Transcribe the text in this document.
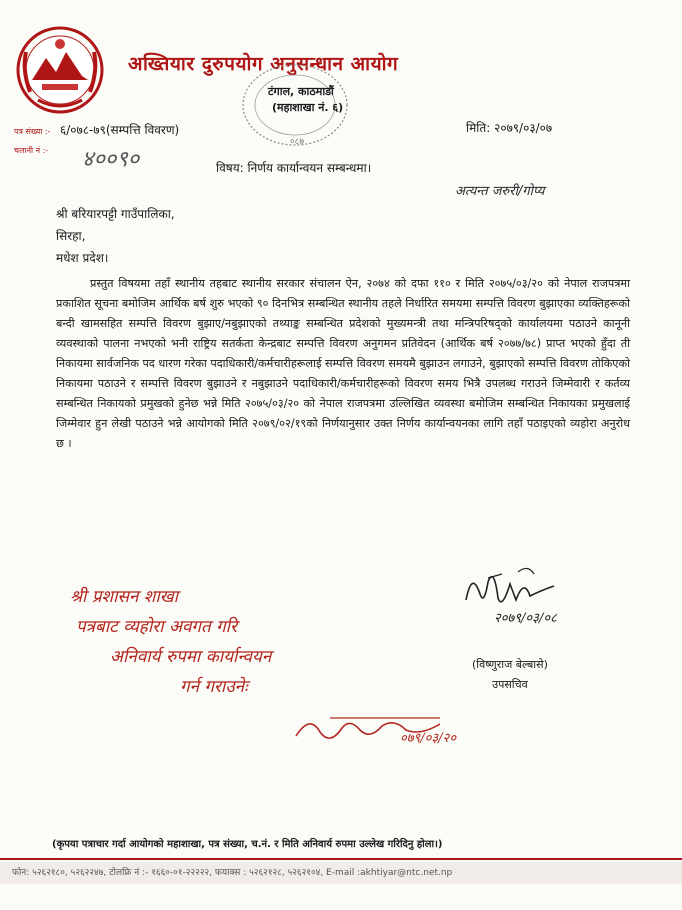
अख्तियार दुरुपयोग अनुसन्धान आयोग
०८७
टंगाल, काठमाडौं
(महाशाखा नं. ६)
पत्र संख्या :- ६/०७८-७९(सम्पत्ति विवरण)
चलानी नं :- ४००९०
मिति: २०७९/०३/०७
विषय: निर्णय कार्यान्वयन सम्बन्धमा।
अत्यन्त जरुरी/गोप्य
श्री बरियारपट्टी गाउँपालिका,
सिरहा,
मधेश प्रदेश।
प्रस्तुत विषयमा तहाँ स्थानीय तहबाट स्थानीय सरकार संचालन ऐन, २०७४ को दफा ११० र मिति २०७५/०३/२० को नेपाल राजपत्रमा प्रकाशित सूचना बमोजिम आर्थिक बर्ष शुरु भएको ९० दिनभित्र सम्बन्धित स्थानीय तहले निर्धारित समयमा सम्पत्ति विवरण बुझाएका व्यक्तिहरूको बन्दी खामसहित सम्पत्ति विवरण बुझाए/नबुझाएको तथ्याङ्क सम्बन्धित प्रदेशको मुख्यमन्त्री तथा मन्त्रिपरिषद्को कार्यालयमा पठाउने कानूनी व्यवस्थाको पालना नभएको भनी राष्ट्रिय सतर्कता केन्द्रबाट सम्पत्ति विवरण अनुगमन प्रतिवेदन (आर्थिक बर्ष २०७७/७८) प्राप्त भएको हुँदा ती निकायमा सार्वजनिक पद धारण गरेका पदाधिकारी/कर्मचारीहरूलाई सम्पत्ति विवरण समयमै बुझाउन लगाउने, बुझाएको सम्पत्ति विवरण तोकिएको निकायमा पठाउने र सम्पत्ति विवरण बुझाउने र नबुझाउने पदाधिकारी/कर्मचारीहरूको विवरण समय भित्रै उपलब्ध गराउने जिम्मेवारी र कर्तव्य सम्बन्धित निकायको प्रमुखको हुनेछ भन्ने मिति २०७५/०३/२० को नेपाल राजपत्रमा उल्लिखित व्यवस्था बमोजिम सम्बन्धित निकायका प्रमुखलाई जिम्मेवार हुन लेखी पठाउने भन्ने आयोगको मिति २०७९/०२/१९को निर्णयानुसार उक्त निर्णय कार्यान्वयनका लागि तहाँ पठाइएको व्यहोरा अनुरोध छ ।
२०७९/०३/०८
(विष्णुराज बेल्बासे)
उपसचिव
श्री प्रशासन शाखा
पत्रबाट व्यहोरा अवगत गरि
अनिवार्य रुपमा कार्यान्वयन
गर्न गराउनेः
०७९/०३/२०
(कृपया पत्राचार गर्दा आयोगको महाशाखा, पत्र संख्या, च.नं. र मिति अनिवार्य रुपमा उल्लेख गरिदिनु होला।)
फोन: ५२६२१८०, ५२६२२४७, टोलफ्रि नं :- १६६०-०१-२२२२२, फयाक्स : ५२६२१२८, ५२६२१०४, E-mail :akhtiyar@ntc.net.np
